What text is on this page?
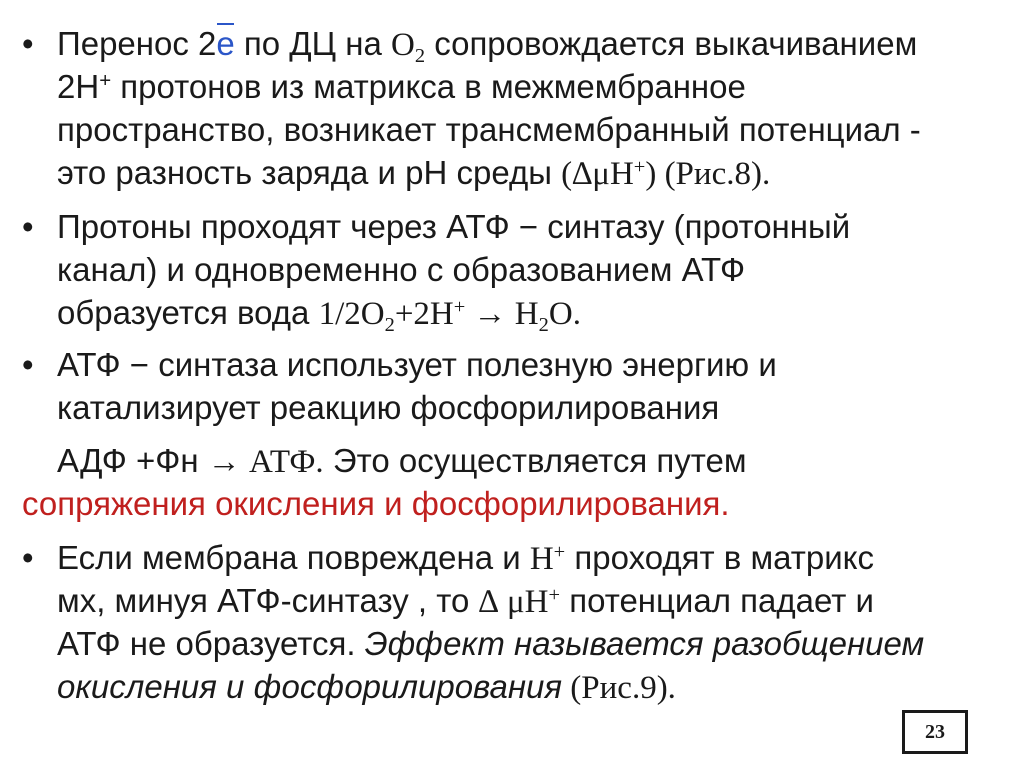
• Перенос 2е по ДЦ на $О_2$ сопровождается выкачиванием
2Н+ протонов из матрикса в межмембранное
пространство, возникает трансмембранный потенциал -
это разность заряда и рН среды (∆μН+) (Рис.8).
• Протоны проходят через АТФ − синтазу (протонный
канал) и одновременно с образованием АТФ
образуется вода $1/2О_2+2Н^+ \to Н_2О$.
• АТФ − синтаза использует полезную энергию и
катализирует реакцию фосфорилирования
АДФ +Фн → АТФ. Это осуществляется путем
сопряжения окисления и фосфорилирования.
• Если мембрана повреждена и Н+ проходят в матрикс
мх, минуя АТФ-синтазу , то ∆ μН+ потенциал падает и
АТФ не образуется. Эффект называется разобщением
окисления и фосфорилирования (Рис.9).
23
